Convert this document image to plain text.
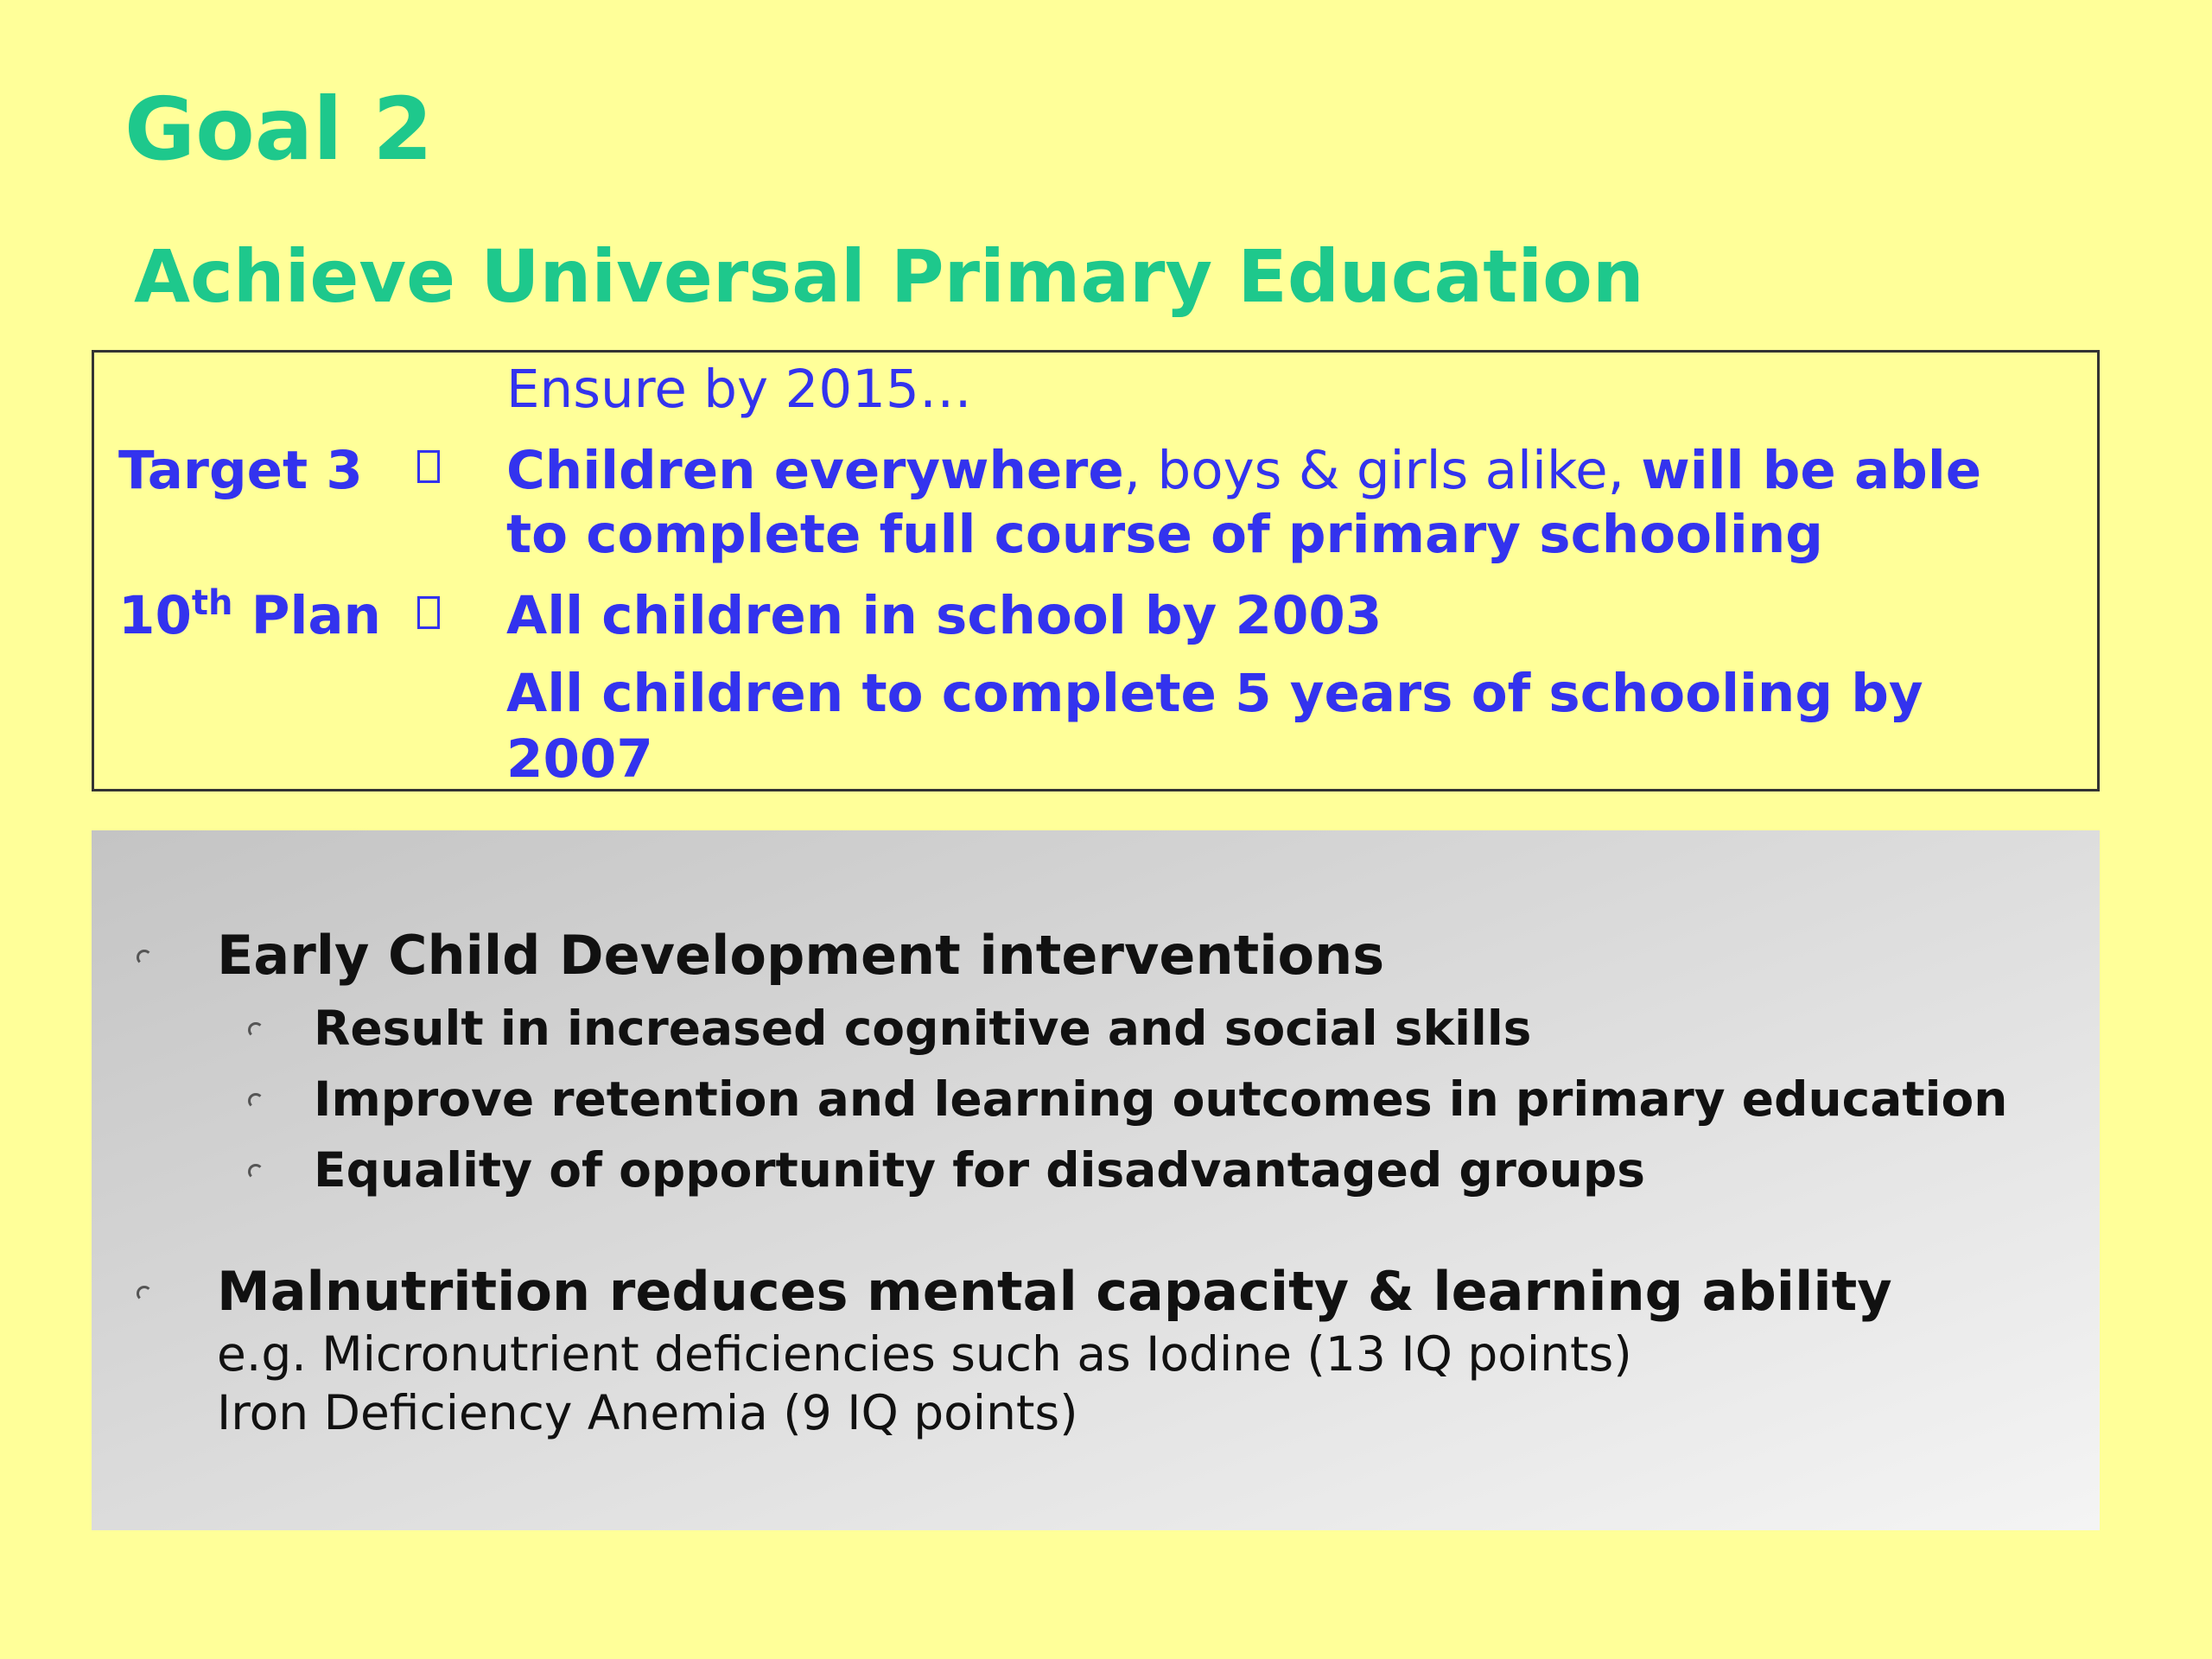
Goal 2
Achieve Universal Primary Education
Ensure by 2015…
Target 3	Children everywhere, boys & girls alike, will be able
to complete full course of primary schooling
10th Plan All children in school by 2003
All children to complete 5 years of schooling by
2007
Early Child Development interventions
Result in increased cognitive and social skills
Improve retention and learning outcomes in primary education
Equality of opportunity for disadvantaged groups
Malnutrition reduces mental capacity & learning ability
e.g. Micronutrient deficiencies such as Iodine (13 IQ points)
Iron Deficiency Anemia (9 IQ points)
